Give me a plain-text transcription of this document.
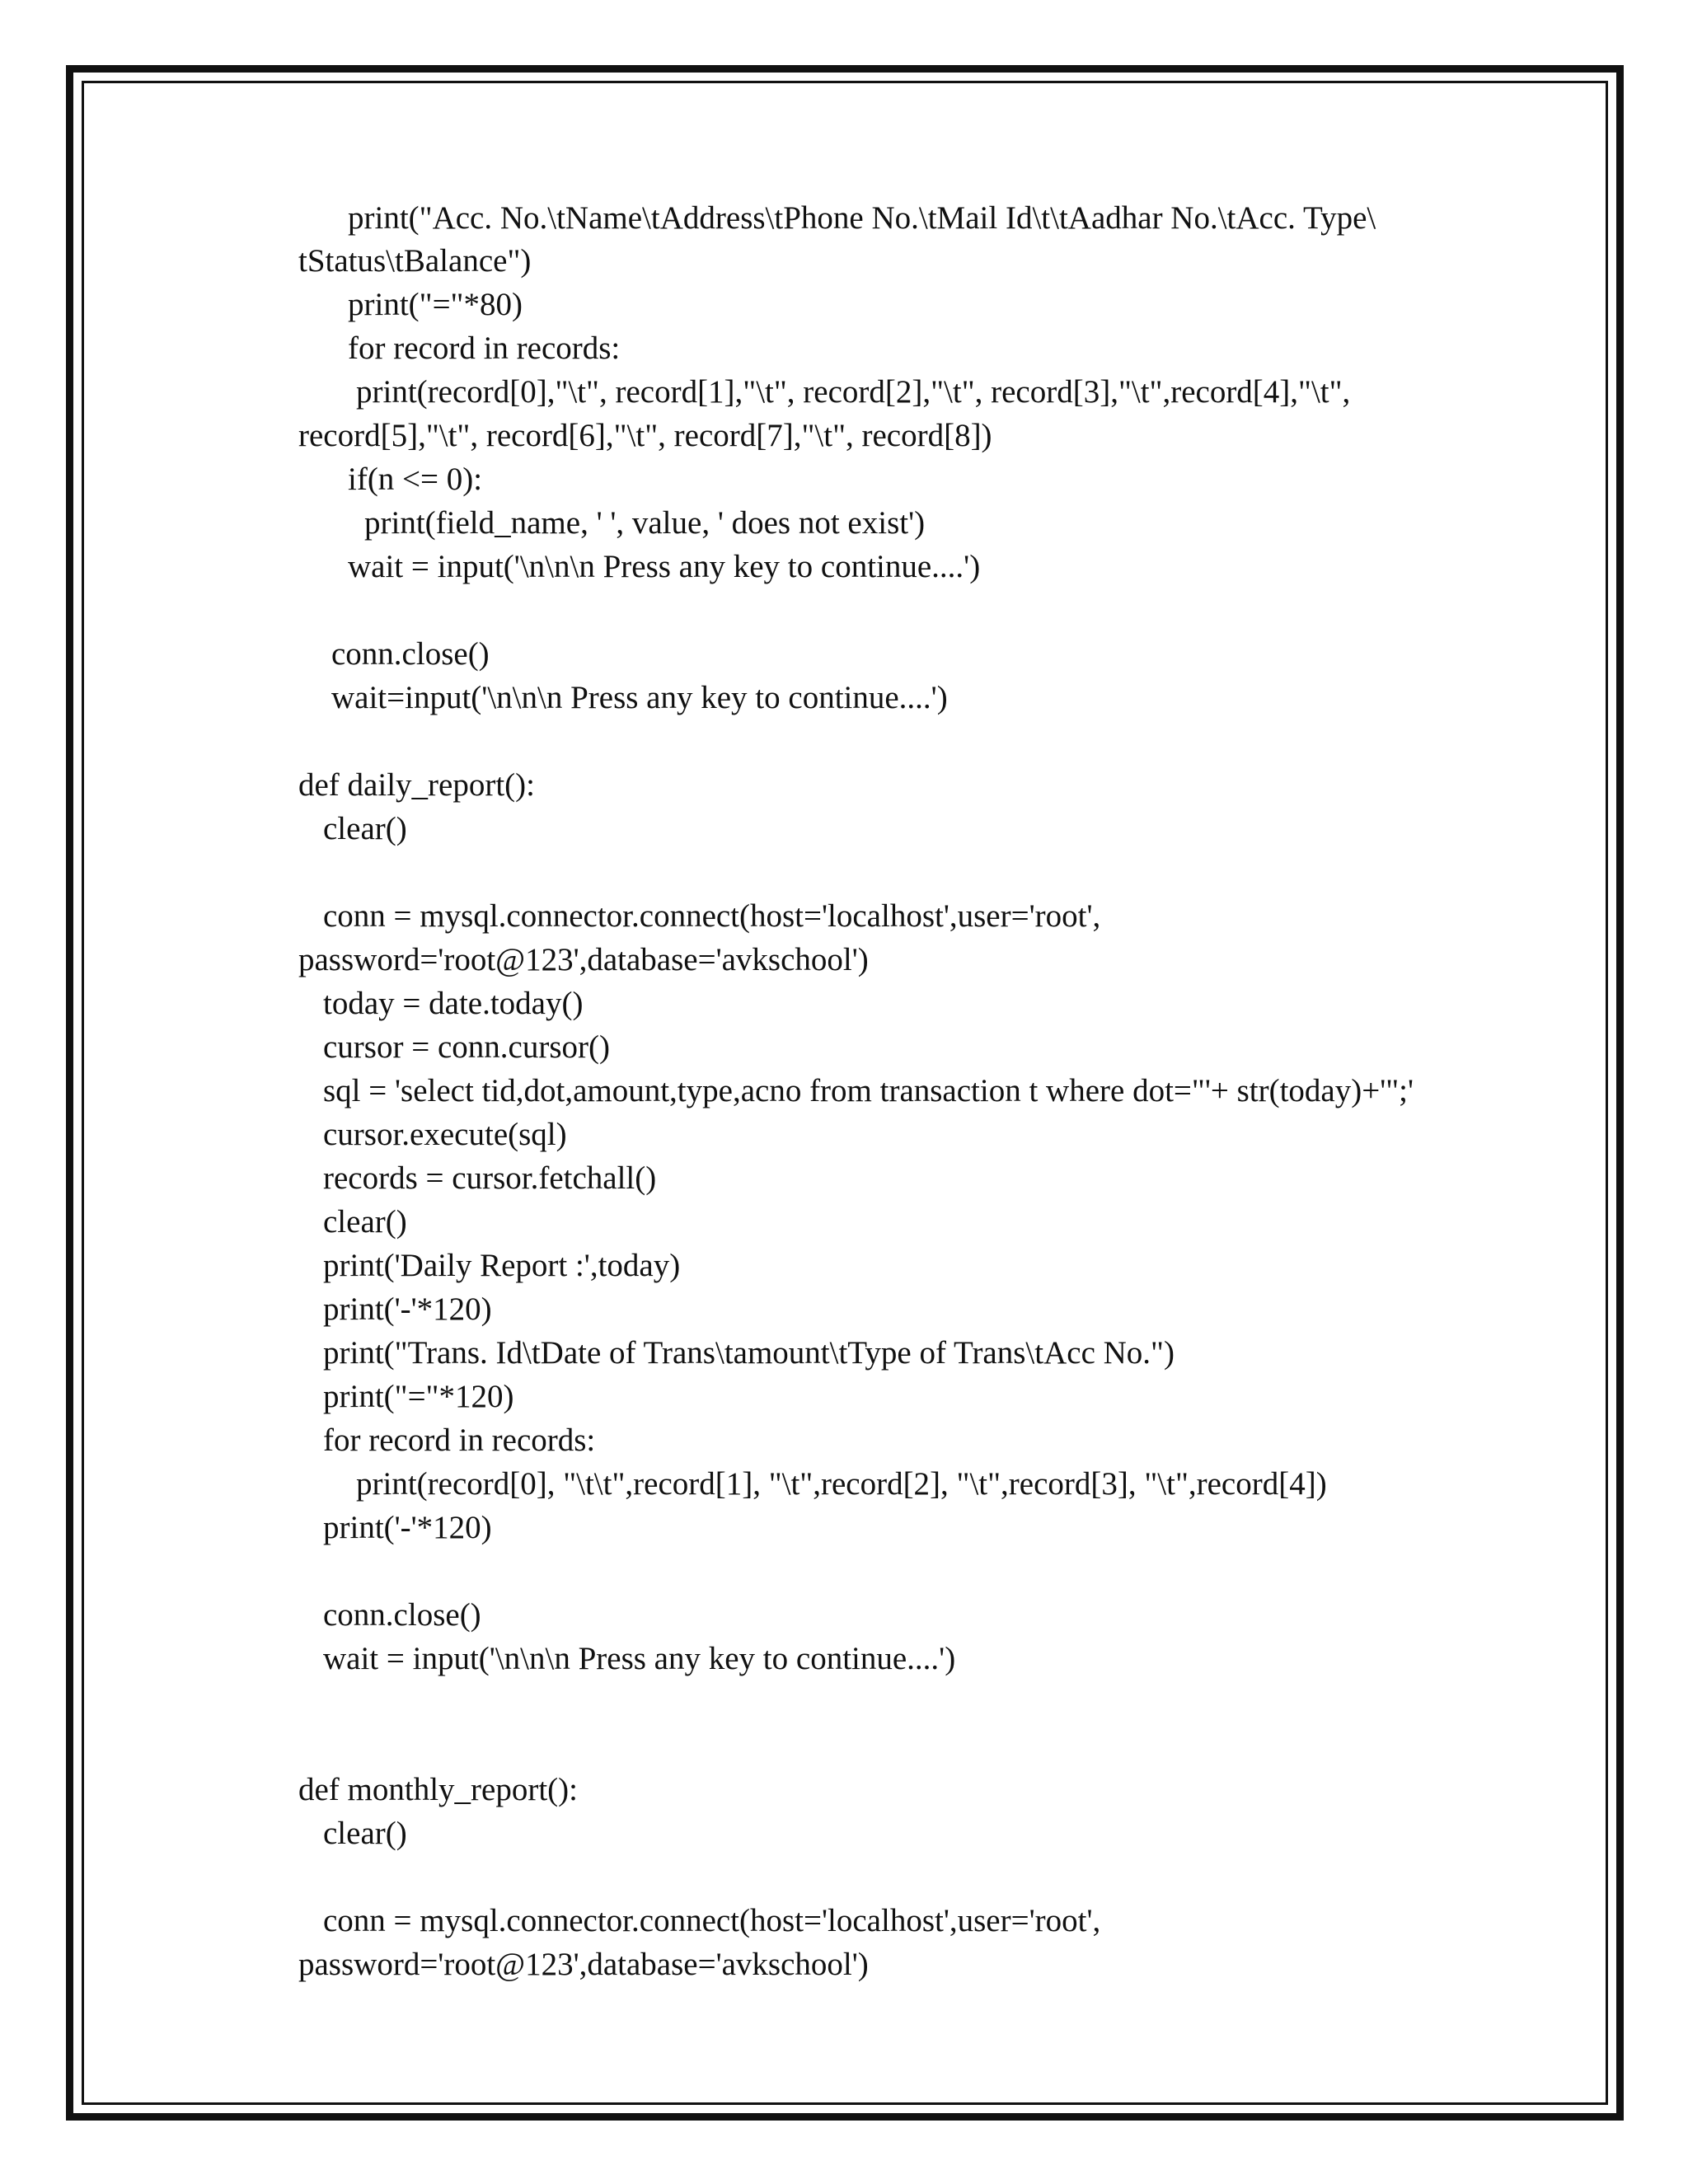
print("Acc. No.\tName\tAddress\tPhone No.\tMail Id\t\tAadhar No.\tAcc. Type\
tStatus\tBalance")
print("="*80)
for record in records:
print(record[0],"\t", record[1],"\t", record[2],"\t", record[3],"\t",record[4],"\t",
record[5],"\t", record[6],"\t", record[7],"\t", record[8])
if(n <= 0):
print(field_name, ' ', value, ' does not exist')
wait = input('\n\n\n Press any key to continue....')
conn.close()
wait=input('\n\n\n Press any key to continue....')
def daily_report():
clear()
conn = mysql.connector.connect(host='localhost',user='root',
password='root@123',database='avkschool')
today = date.today()
cursor = conn.cursor()
sql = 'select tid,dot,amount,type,acno from transaction t where dot="'+ str(today)+'";'
cursor.execute(sql)
records = cursor.fetchall()
clear()
print('Daily Report :',today)
print('-'*120)
print("Trans. Id\tDate of Trans\tamount\tType of Trans\tAcc No.")
print("="*120)
for record in records:
print(record[0], "\t\t",record[1], "\t",record[2], "\t",record[3], "\t",record[4])
print('-'*120)
conn.close()
wait = input('\n\n\n Press any key to continue....')
def monthly_report():
clear()
conn = mysql.connector.connect(host='localhost',user='root',
password='root@123',database='avkschool')
